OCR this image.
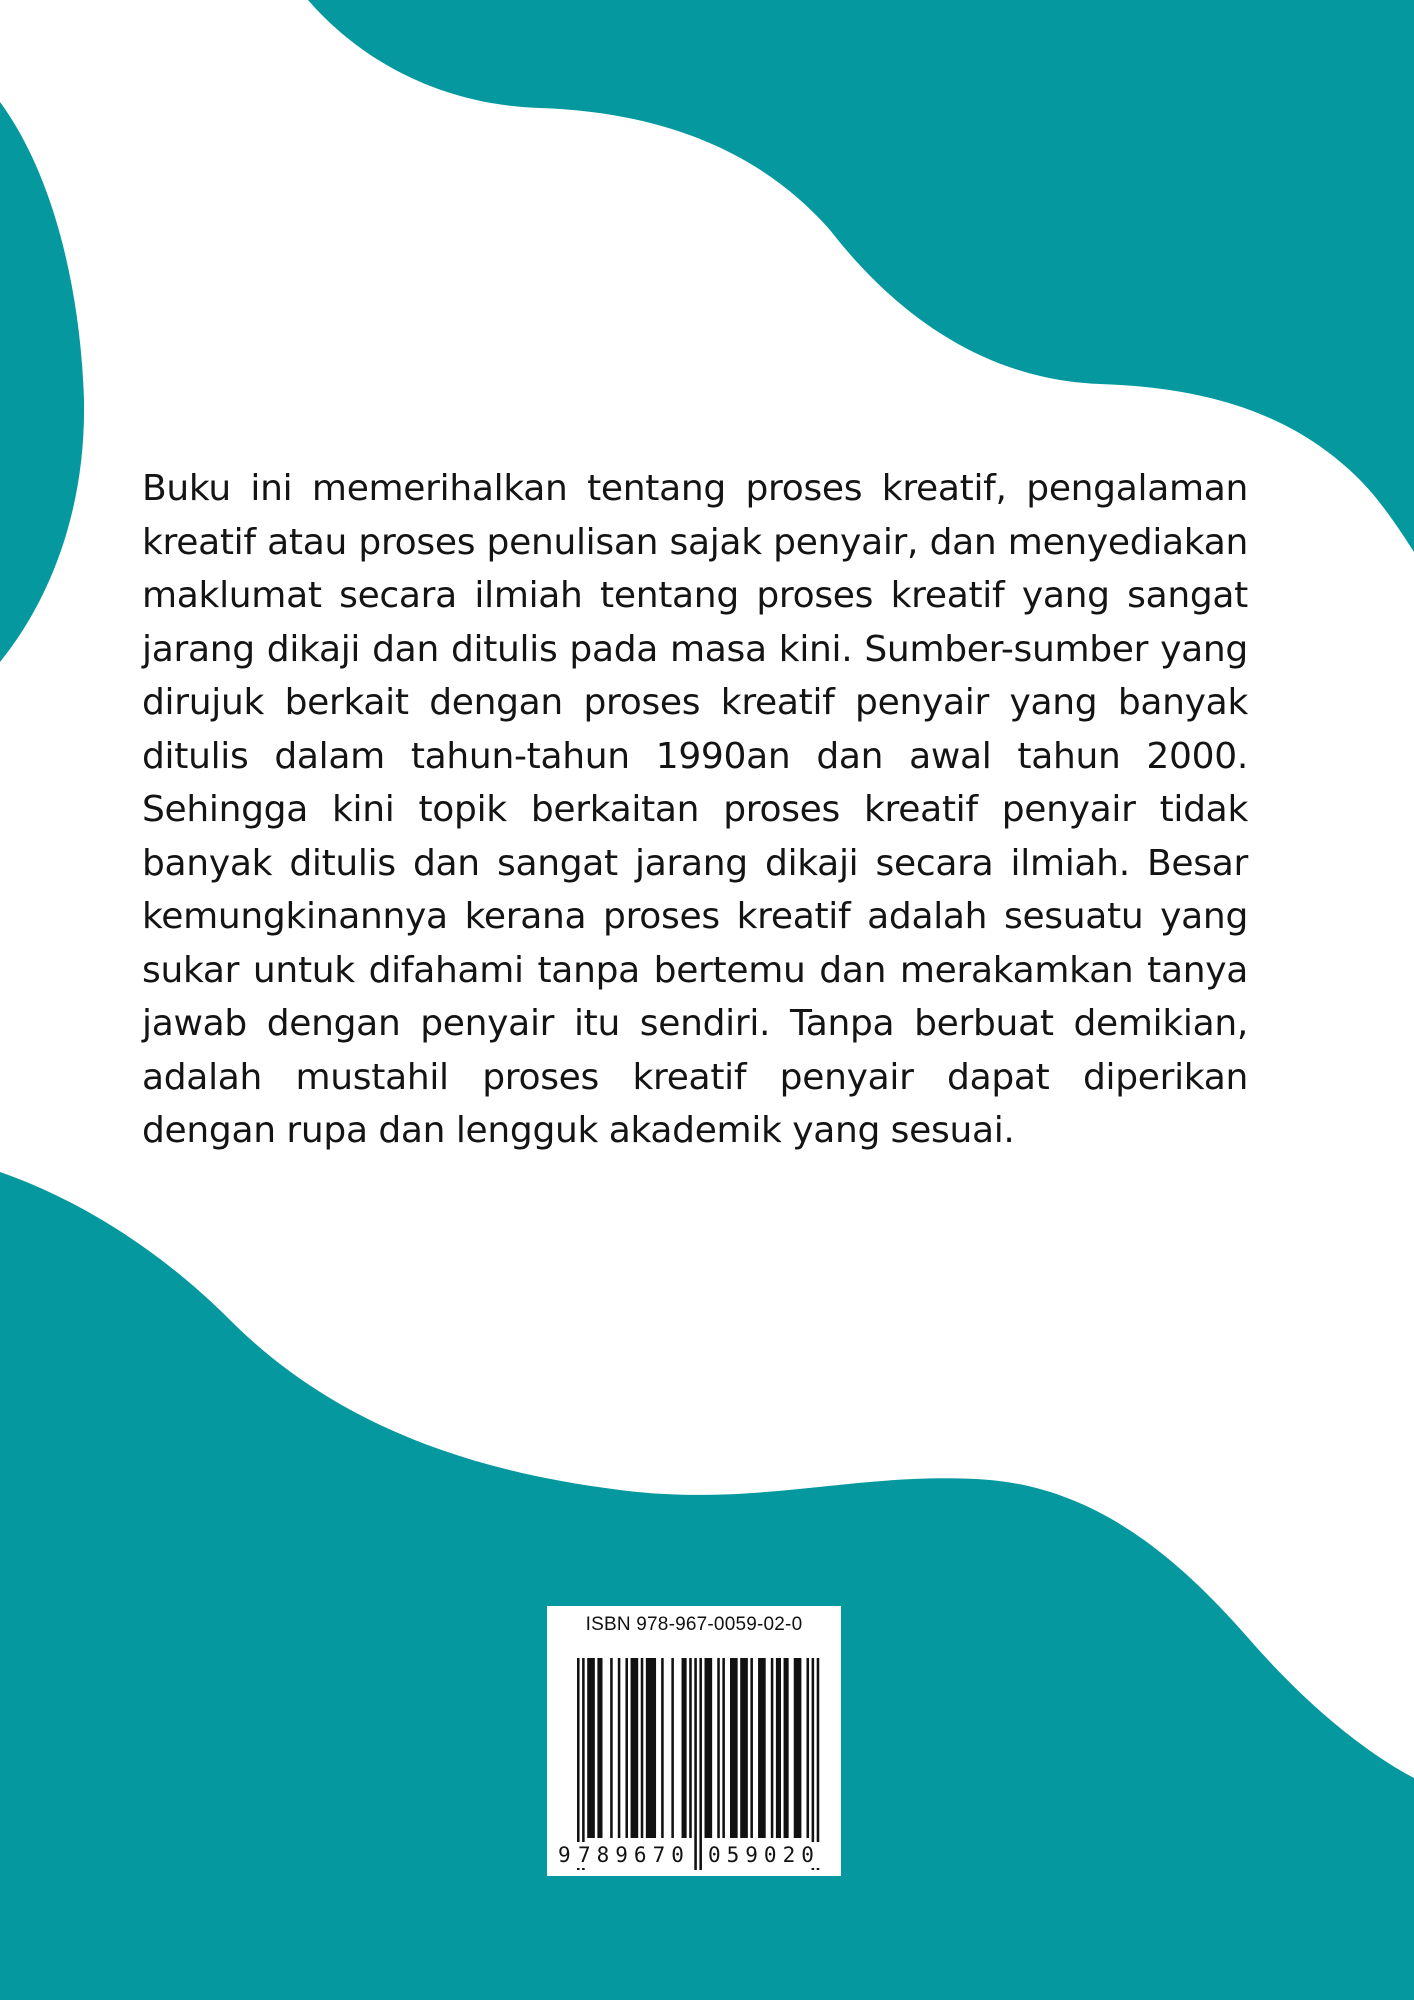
Buku ini memerihalkan tentang proses kreatif, pengalaman kreatif atau proses penulisan sajak penyair, dan menyediakan maklumat secara ilmiah tentang proses kreatif yang sangat jarang dikaji dan ditulis pada masa kini. Sumber-sumber yang dirujuk berkait dengan proses kreatif penyair yang banyak ditulis dalam tahun-tahun 1990an dan awal tahun 2000. Sehingga kini topik berkaitan proses kreatif penyair tidak banyak ditulis dan sangat jarang dikaji secara ilmiah. Besar kemungkinannya kerana proses kreatif adalah sesuatu yang sukar untuk difahami tanpa bertemu dan merakamkan tanya jawab dengan penyair itu sendiri. Tanpa berbuat demikian, adalah mustahil proses kreatif penyair dapat diperikan dengan rupa dan lengguk akademik yang sesuai.

ISBN 978-967-0059-02-0
9 789670 059020
